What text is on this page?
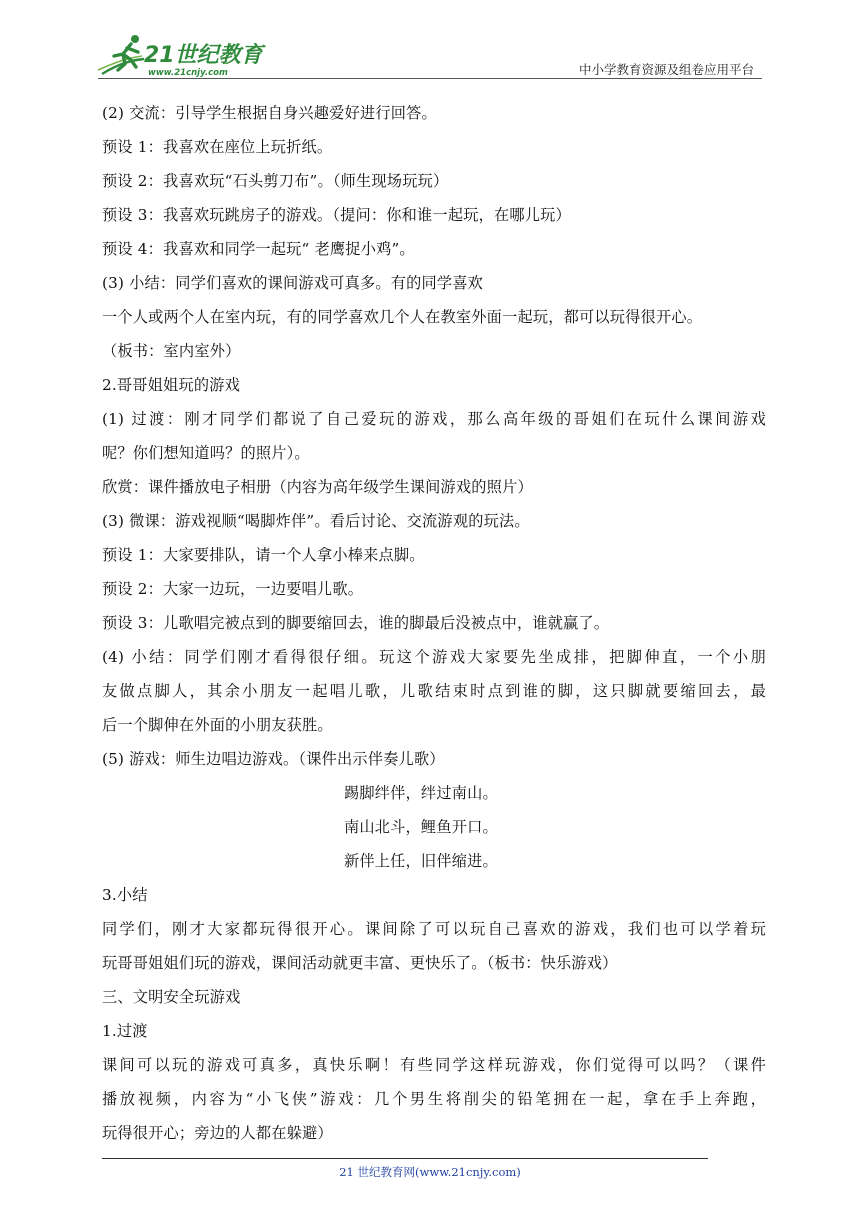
21世纪教育
www.21cnjy.com	中小学教育资源及组卷应用平台
(2) 交流：引导学生根据自身兴趣爱好进行回答。
预设 1：我喜欢在座位上玩折纸。
预设 2：我喜欢玩“石头剪刀布”。（师生现场玩玩）
预设 3：我喜欢玩跳房子的游戏。（提问：你和谁一起玩，在哪儿玩）
预设 4：我喜欢和同学一起玩“ 老鹰捉小鸡”。
(3) 小结：同学们喜欢的课间游戏可真多。有的同学喜欢
一个人或两个人在室内玩，有的同学喜欢几个人在教室外面一起玩，都可以玩得很开心。
（板书：室内室外）
2.哥哥姐姐玩的游戏
(1) 过渡：刚才同学们都说了自己爱玩的游戏，那么高年级的哥姐们在玩什么课间游戏
呢？你们想知道吗？的照片）。
欣赏：课件播放电子相册（内容为高年级学生课间游戏的照片）
(3) 微课：游戏视顺“喝脚炸伴”。看后讨论、交流游观的玩法。
预设 1：大家要排队，请一个人拿小棒来点脚。
预设 2：大家一边玩，一边要唱儿歌。
预设 3：儿歌唱完被点到的脚要缩回去，谁的脚最后没被点中，谁就赢了。
(4) 小结：同学们刚才看得很仔细。玩这个游戏大家要先坐成排，把脚伸直，一个小朋
友做点脚人，其余小朋友一起唱儿歌，儿歌结束时点到谁的脚，这只脚就要缩回去，最
后一个脚伸在外面的小朋友获胜。
(5) 游戏：师生边唱边游戏。（课件出示伴奏儿歌）
踢脚绊伴，绊过南山。
南山北斗，鲤鱼开口。
新伴上任，旧伴缩进。
3.小结
同学们，刚才大家都玩得很开心。课间除了可以玩自己喜欢的游戏，我们也可以学着玩
玩哥哥姐姐们玩的游戏，课间活动就更丰富、更快乐了。（板书：快乐游戏）
三、文明安全玩游戏
1.过渡
课间可以玩的游戏可真多，真快乐啊！有些同学这样玩游戏，你们觉得可以吗？（课件
播放视频，内容为“小飞侠”游戏：几个男生将削尖的铅笔拥在一起，拿在手上奔跑，
玩得很开心；旁边的人都在躲避）
21 世纪教育网(www.21cnjy.com)
